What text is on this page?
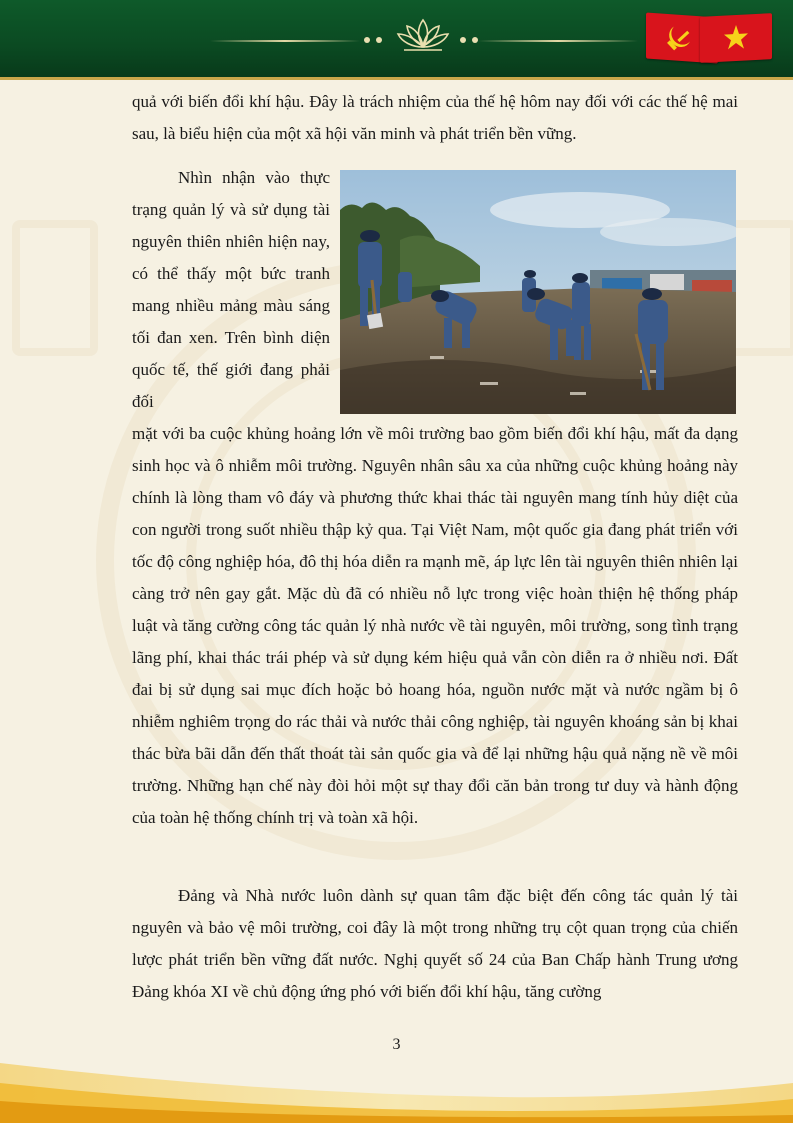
quả với biến đổi khí hậu. Đây là trách nhiệm của thế hệ hôm nay đối với các thế hệ mai sau, là biểu hiện của một xã hội văn minh và phát triển bền vững.

Nhìn nhận vào thực trạng quản lý và sử dụng tài nguyên thiên nhiên hiện nay, có thể thấy một bức tranh mang nhiều mảng màu sáng tối đan xen. Trên bình diện quốc tế, thế giới đang phải đối

mặt với ba cuộc khủng hoảng lớn về môi trường bao gồm biến đổi khí hậu, mất đa dạng sinh học và ô nhiễm môi trường. Nguyên nhân sâu xa của những cuộc khủng hoảng này chính là lòng tham vô đáy và phương thức khai thác tài nguyên mang tính hủy diệt của con người trong suốt nhiều thập kỷ qua. Tại Việt Nam, một quốc gia đang phát triển với tốc độ công nghiệp hóa, đô thị hóa diễn ra mạnh mẽ, áp lực lên tài nguyên thiên nhiên lại càng trở nên gay gắt. Mặc dù đã có nhiều nỗ lực trong việc hoàn thiện hệ thống pháp luật và tăng cường công tác quản lý nhà nước về tài nguyên, môi trường, song tình trạng lãng phí, khai thác trái phép và sử dụng kém hiệu quả vẫn còn diễn ra ở nhiều nơi. Đất đai bị sử dụng sai mục đích hoặc bỏ hoang hóa, nguồn nước mặt và nước ngầm bị ô nhiễm nghiêm trọng do rác thải và nước thải công nghiệp, tài nguyên khoáng sản bị khai thác bừa bãi dẫn đến thất thoát tài sản quốc gia và để lại những hậu quả nặng nề về môi trường. Những hạn chế này đòi hỏi một sự thay đổi căn bản trong tư duy và hành động của toàn hệ thống chính trị và toàn xã hội.

Đảng và Nhà nước luôn dành sự quan tâm đặc biệt đến công tác quản lý tài nguyên và bảo vệ môi trường, coi đây là một trong những trụ cột quan trọng của chiến lược phát triển bền vững đất nước. Nghị quyết số 24 của Ban Chấp hành Trung ương Đảng khóa XI về chủ động ứng phó với biến đổi khí hậu, tăng cường

3
